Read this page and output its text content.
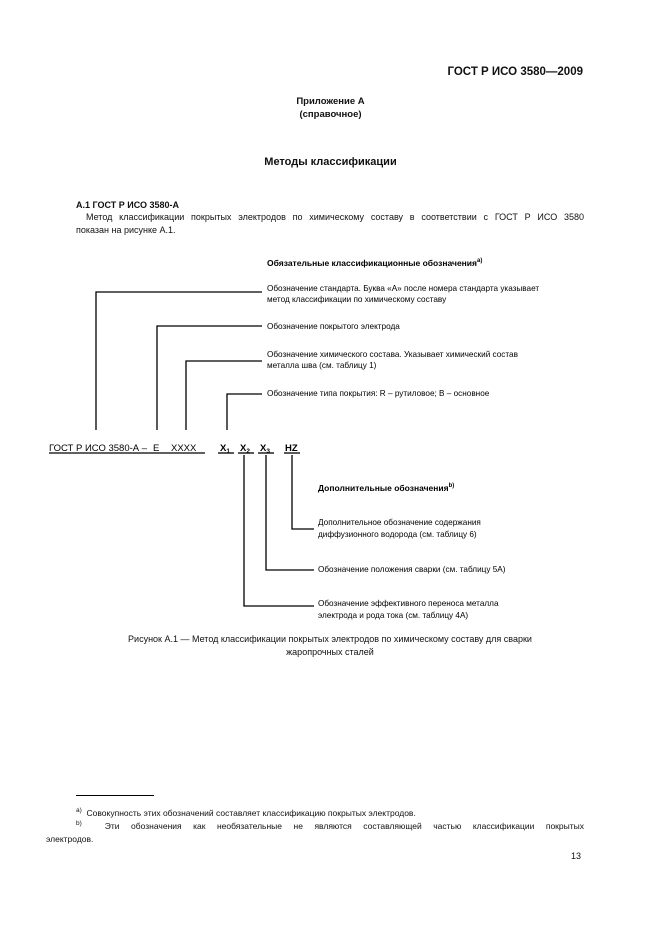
ГОСТ Р ИСО 3580—2009
Приложение А
(справочное)
Методы классификации
А.1 ГОСТ Р ИСО 3580-А

Метод классификации покрытых электродов по химическому составу в соответствии с ГОСТ Р ИСО 3580

показан на рисунке А.1.

Обязательные классификационные обозначения$^{a)}$
Обозначение стандарта. Буква «А» после номера стандарта указывает
метод классификации по химическому составу
Обозначение покрытого электрода
Обозначение химического состава. Указывает химический состав
металла шва (см. таблицу 1)
Обозначение типа покрытия: R – рутиловое; В – основное
ГОСТ Р ИСО 3580-А – E XXXX $X_1$ $X_2$ $X_3$ HZ
Дополнительные обозначения$^{b)}$
Дополнительное обозначение содержания
диффузионного водорода (см. таблицу 6)
Обозначение положения сварки (см. таблицу 5А)
Обозначение эффективного переноса металла
электрода и рода тока (см. таблицу 4А)
Рисунок А.1 — Метод классификации покрытых электродов по химическому составу для сварки
жаропрочных сталей
$^{a)}$ Совокупность этих обозначений составляет классификацию покрытых электродов.
$^{b)}$	Эти обозначения как необязательные не являются составляющей частью классификации покрытых
электродов.
13
